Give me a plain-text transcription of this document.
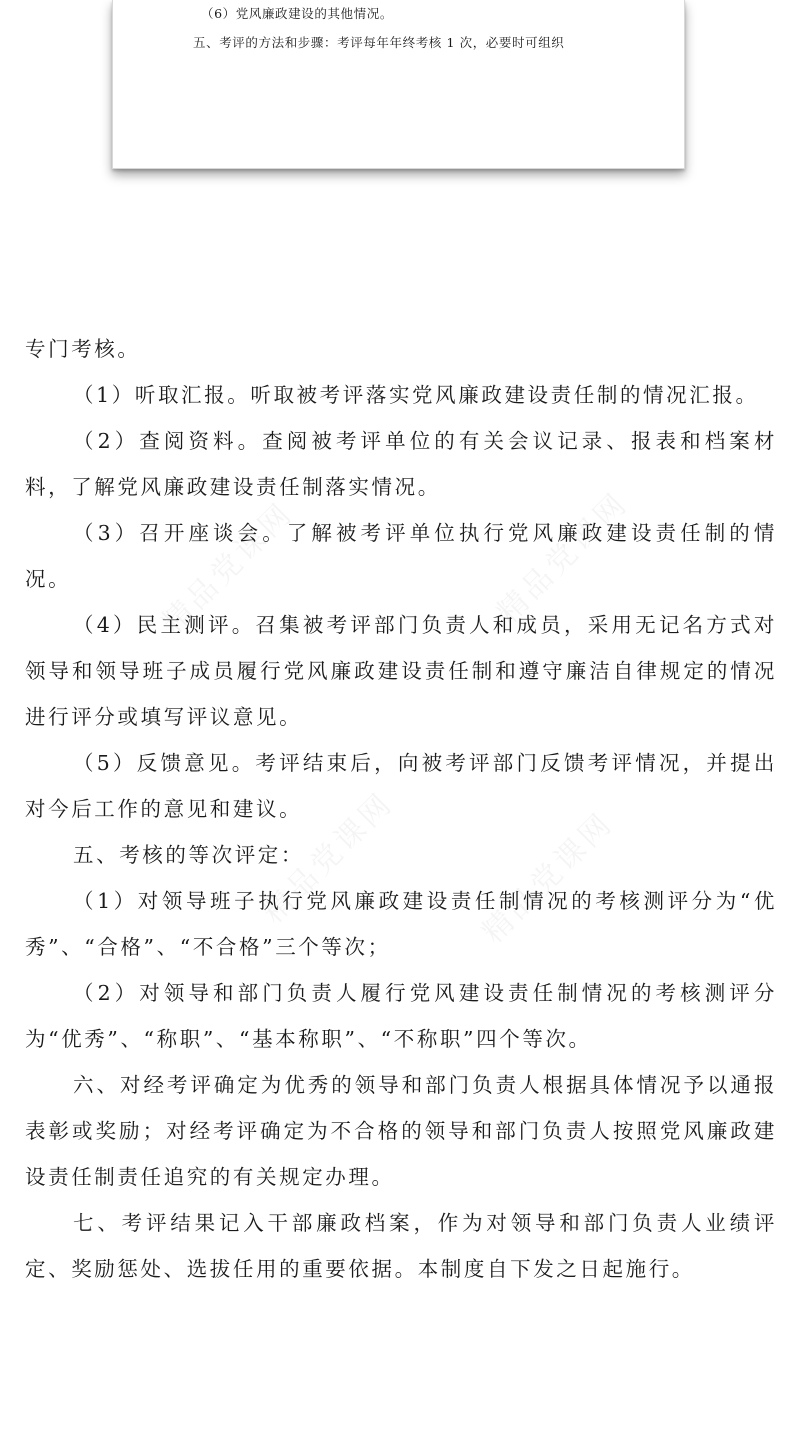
（6）党风廉政建设的其他情况。
五、考评的方法和步骤：考评每年年终考核 1 次，必要时可组织

专门考核。

（1）听取汇报。听取被考评落实党风廉政建设责任制的情况汇报。

（2）查阅资料。查阅被考评单位的有关会议记录、报表和档案材料，了解党风廉政建设责任制落实情况。

（3）召开座谈会。了解被考评单位执行党风廉政建设责任制的情况。

（4）民主测评。召集被考评部门负责人和成员，采用无记名方式对领导和领导班子成员履行党风廉政建设责任制和遵守廉洁自律规定的情况进行评分或填写评议意见。

（5）反馈意见。考评结束后，向被考评部门反馈考评情况，并提出对今后工作的意见和建议。

五、考核的等次评定：

（1）对领导班子执行党风廉政建设责任制情况的考核测评分为“优秀”、“合格”、“不合格”三个等次；

（2）对领导和部门负责人履行党风建设责任制情况的考核测评分为“优秀”、“称职”、“基本称职”、“不称职”四个等次。

六、对经考评确定为优秀的领导和部门负责人根据具体情况予以通报表彰或奖励；对经考评确定为不合格的领导和部门负责人按照党风廉政建设责任制责任追究的有关规定办理。

七、考评结果记入干部廉政档案，作为对领导和部门负责人业绩评定、奖励惩处、选拔任用的重要依据。本制度自下发之日起施行。
